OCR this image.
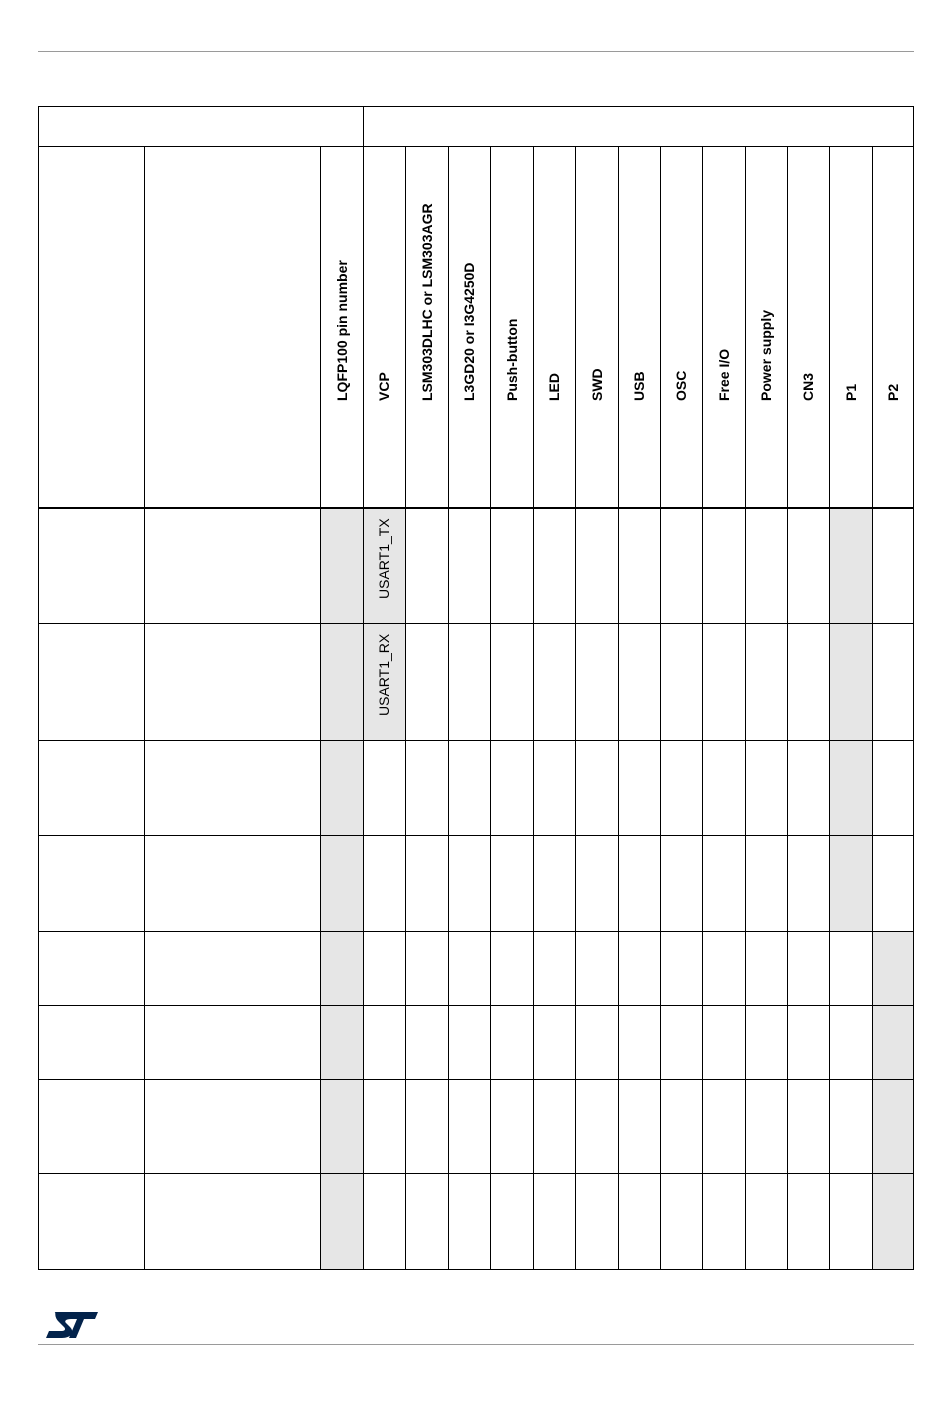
USART1_TX
USART1_RX
LQFP100 pin number VCP LSM303DLHC or LSM303AGR L3GD20 or I3G4250D Push-button LED SWD USB OSC Free I/O Power supply CN3 P1 P2
